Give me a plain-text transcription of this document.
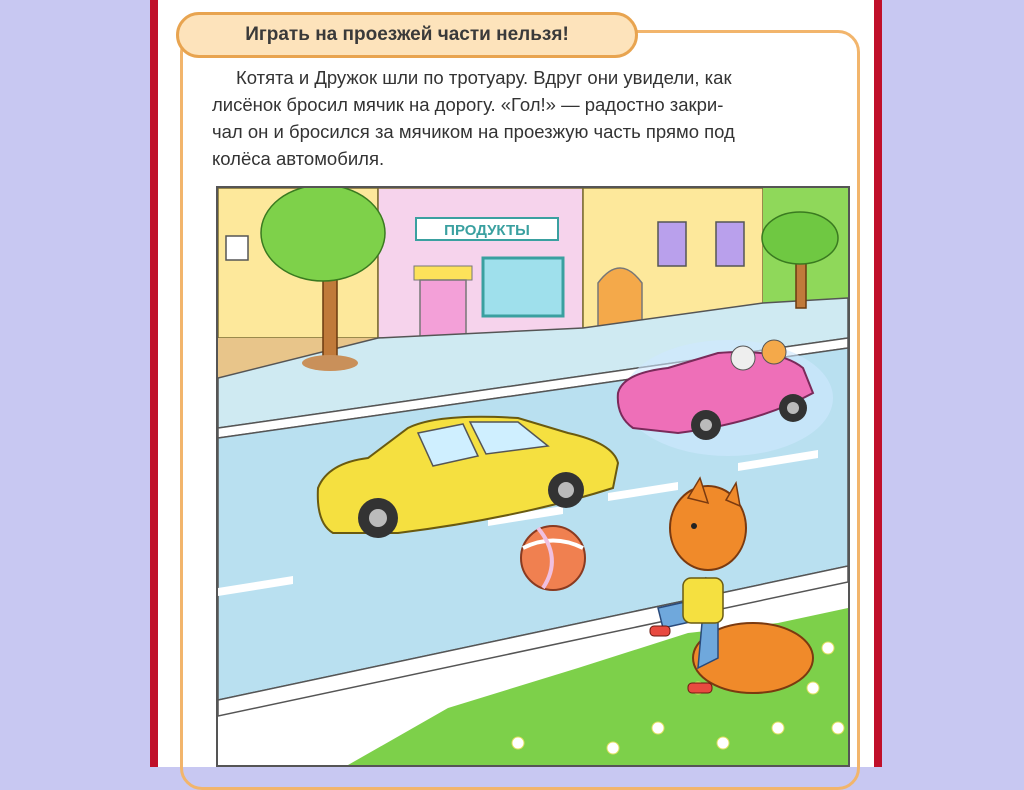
Играть на проезжей части нельзя!
Котята и Дружок шли по тротуару. Вдруг они увидели, как
лисёнок бросил мячик на дорогу. «Гол!» — радостно закри-
чал он и бросился за мячиком на проезжую часть прямо под
колёса автомобиля.
ПРОДУКТЫ
